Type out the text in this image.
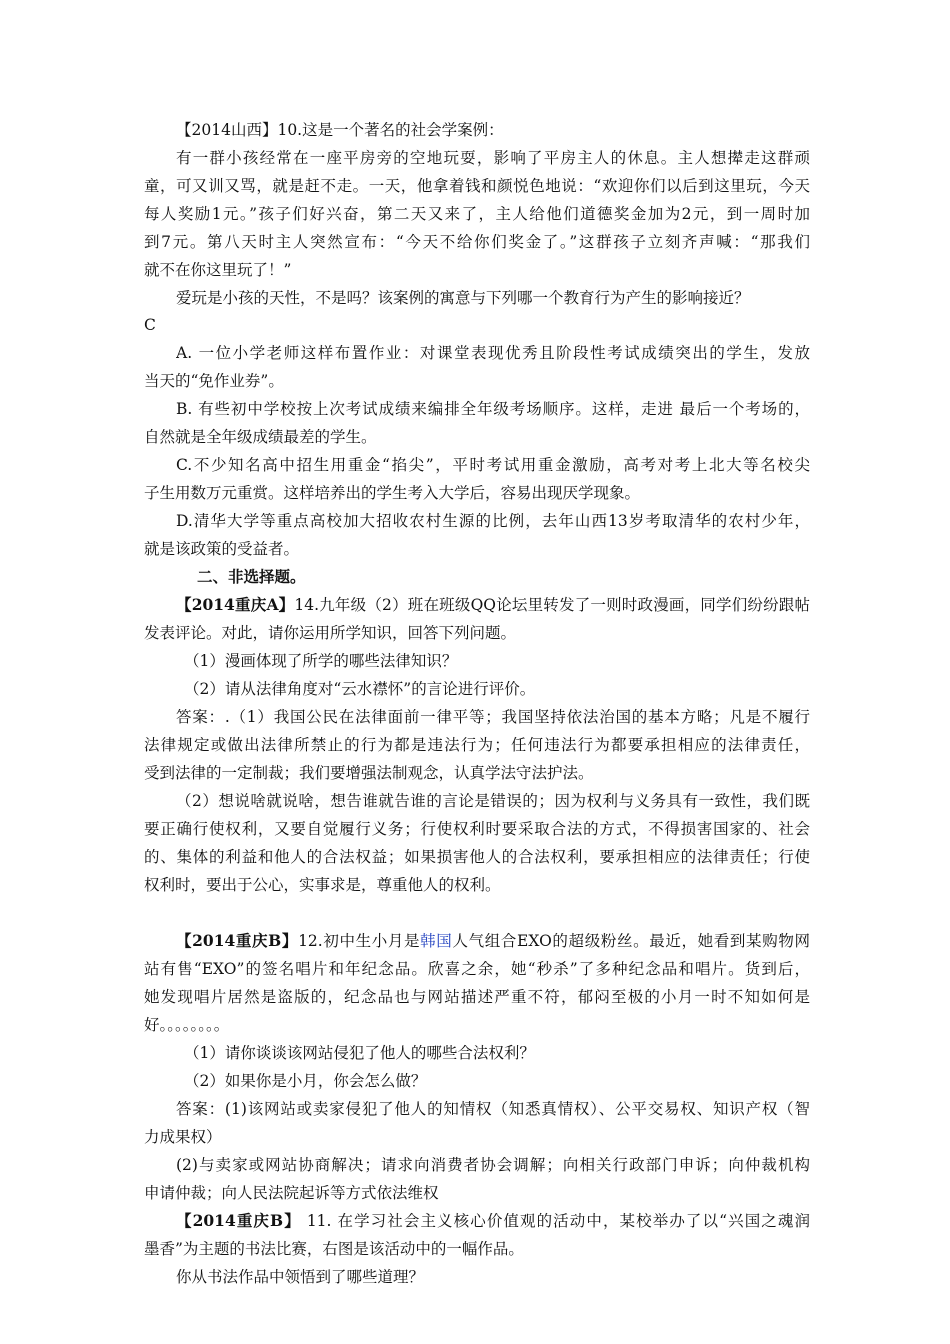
【2014山西】10.这是一个著名的社会学案例：
有一群小孩经常在一座平房旁的空地玩耍，影响了平房主人的休息。主人想撵走这群顽
童，可又训又骂，就是赶不走。一天，他拿着钱和颜悦色地说：“欢迎你们以后到这里玩，今天
每人奖励1元。”孩子们好兴奋，第二天又来了，主人给他们道德奖金加为2元，到一周时加
到7元。第八天时主人突然宣布：“今天不给你们奖金了。”这群孩子立刻齐声喊：“那我们
就不在你这里玩了！”
爱玩是小孩的天性，不是吗？该案例的寓意与下列哪一个教育行为产生的影响接近？
C
A. 一位小学老师这样布置作业：对课堂表现优秀且阶段性考试成绩突出的学生，发放
当天的“免作业券”。
B. 有些初中学校按上次考试成绩来编排全年级考场顺序。这样，走进 最后一个考场的，
自然就是全年级成绩最差的学生。
C.不少知名高中招生用重金“掐尖”，平时考试用重金激励，高考对考上北大等名校尖
子生用数万元重赏。这样培养出的学生考入大学后，容易出现厌学现象。
D.清华大学等重点高校加大招收农村生源的比例，去年山西13岁考取清华的农村少年，
就是该政策的受益者。
二、非选择题。
【2014重庆A】14.九年级（2）班在班级QQ论坛里转发了一则时政漫画，同学们纷纷跟帖
发表评论。对此，请你运用所学知识，回答下列问题。
（1）漫画体现了所学的哪些法律知识？
（2）请从法律角度对“云水襟怀”的言论进行评价。
答案：.（1）我国公民在法律面前一律平等；我国坚持依法治国的基本方略；凡是不履行
法律规定或做出法律所禁止的行为都是违法行为；任何违法行为都要承担相应的法律责任，
受到法律的一定制裁；我们要增强法制观念，认真学法守法护法。
（2）想说啥就说啥，想告谁就告谁的言论是错误的；因为权利与义务具有一致性，我们既
要正确行使权利，又要自觉履行义务；行使权利时要采取合法的方式，不得损害国家的、社会
的、集体的利益和他人的合法权益；如果损害他人的合法权利，要承担相应的法律责任；行使
权利时，要出于公心，实事求是，尊重他人的权利。
【2014重庆B】12.初中生小月是韩国人气组合EXO的超级粉丝。最近，她看到某购物网
站有售“EXO”的签名唱片和年纪念品。欣喜之余，她“秒杀”了多种纪念品和唱片。货到后，
她发现唱片居然是盗版的，纪念品也与网站描述严重不符，郁闷至极的小月一时不知如何是
好。。。。。。。。
（1）请你谈谈该网站侵犯了他人的哪些合法权利？
（2）如果你是小月，你会怎么做？
答案：(1)该网站或卖家侵犯了他人的知情权（知悉真情权）、公平交易权、知识产权（智
力成果权）
(2)与卖家或网站协商解决；请求向消费者协会调解；向相关行政部门申诉；向仲裁机构
申请仲裁；向人民法院起诉等方式依法维权
【2014重庆B】 11. 在学习社会主义核心价值观的活动中，某校举办了以“兴国之魂润
墨香”为主题的书法比赛，右图是该活动中的一幅作品。
你从书法作品中领悟到了哪些道理？
